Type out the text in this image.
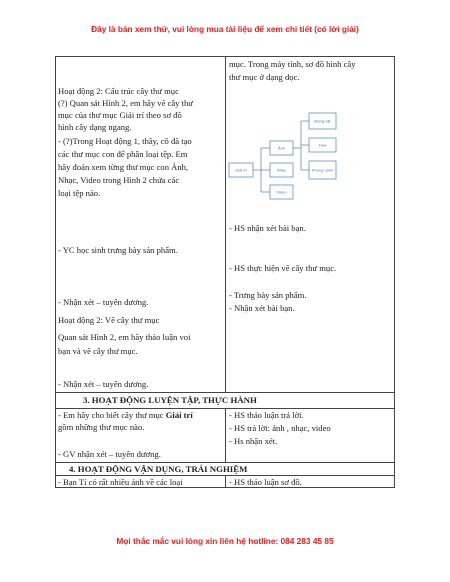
Đây là bản xem thử, vui lòng mua tài liệu để xem chi tiết (có lời giải)
Hoạt động 2: Cấu trúc cây thư mục
(?) Quan sát Hình 2, em hãy vẽ cây thư
mục của thư mục Giải trí theo sơ đồ
hình cây dạng ngang.
- (?)Trong Hoạt động 1, thầy, cô đã tạo
các thư mục con để phân loại tệp. Em
hãy đoán xem từng thư mục con Ảnh,
Nhạc, Video trong Hình 2 chứa các
loại tệp nào.
- YC học sinh trưng bày sản phẩm.
- Nhận xét – tuyên dương.
Hoạt động 2: Vẽ cây thư mục
Quan sát Hình 2, em hãy thảo luận voi
bạn và vẽ cây thư mục.
- Nhận xét – tuyên dương.
mục. Trong máy tính, sơ đồ hình cây
thư mục ở dạng dọc.
Giải trí
Ảnh
Nhạc
Video
Động vật
Hoa
Phong cảnh
- HS nhận xét bài bạn.
- HS thực hiện vẽ cây thư mục.
- Trưng bày sản phẩm.
- Nhận xét bài bạn.
3. HOẠT ĐỘNG LUYỆN TẬP, THỰC HÀNH
- Em hãy cho biết cây thư mục Giải trí
gồm những thư mục nào.
- GV nhận xét – tuyên dương.
- HS thảo luận trả lời.
- HS trả lời: ảnh , nhạc, video
- Hs nhận xét.
4. HOẠT ĐỘNG VẬN DỤNG, TRẢI NGHIỆM
- Bạn Tí có rất nhiều ảnh về các loại	- HS thảo luận sơ đồ.
Mọi thắc mắc vui lòng xin liên hệ hotline: 084 283 45 85
